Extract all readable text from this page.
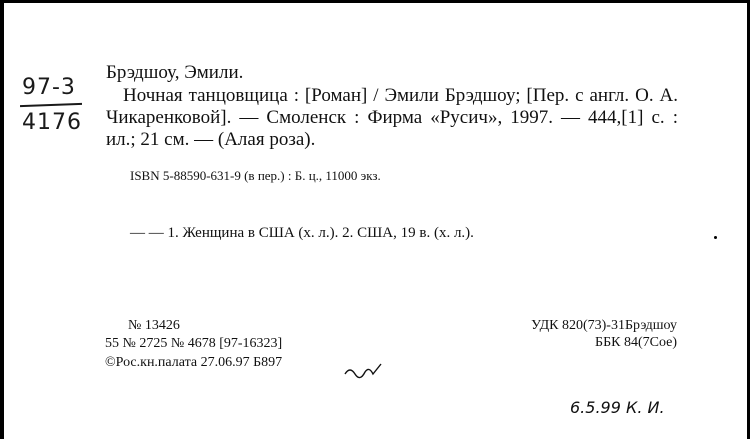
97-3
4176
Брэдшоу, Эмили.
Ночная танцовщица : [Роман] / Эмили Брэдшоу; [Пер. с англ. О. А. Чикаренковой]. — Смоленск : Фирма «Русич», 1997. — 444,[1] с. : ил.; 21 см. — (Алая роза).
ISBN 5-88590-631-9 (в пер.) : Б. ц., 11000 экз.
— — 1. Женщина в США (х. л.). 2. США, 19 в. (х. л.).
№ 13426
55 № 2725 № 4678 [97-16323]
©Рос.кн.палата 27.06.97 Б897
УДК 820(73)-31Брэдшоу
ББК 84(7Сое)
6.5.99 К. И.
